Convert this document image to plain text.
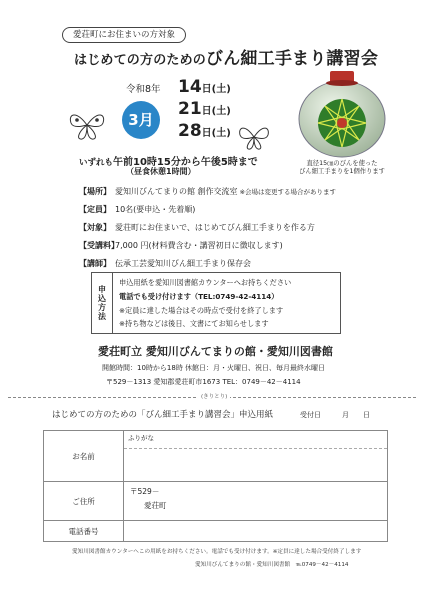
愛荘町にお住まいの方対象
はじめての方のためのびん細工手まり講習会
令和8年
3月
14日(土)
21日(土)
28日(土)
いずれも午前10時15分から午後5時まで
（昼食休憩1時間）
直径15㎝のびんを使った
びん細工手まりを1個作ります
【場所】 愛知川びんてまりの館 創作交流室 ※会場は変更する場合があります
【定員】 10名(要申込・先着順)
【対象】 愛荘町にお住まいで、はじめてびん細工手まりを作る方
【受講料】7,000 円(材料費含む・講習初日に徴収します)
【講師】 伝承工芸愛知川びん細工手まり保存会
申込方法
申込用紙を愛知川図書館カウンターへお持ちください
電話でも受け付けます（TEL:0749-42-4114）
※定員に達した場合はその時点で受付を終了します
※持ち物などは後日、文書にてお知らせします
愛荘町立 愛知川びんてまりの館・愛知川図書館
開館時間：10時から18時 休館日：月・火曜日、祝日、毎月最終水曜日
〒529－1313 愛知郡愛荘町市1673 TEL：0749－42－4114
(きりとり)
はじめての方のための「びん細工手まり講習会」申込用紙	受付日　　　月　　日
お名前	ふりがな

ご住所	〒529－
愛荘町

電話番号	
愛知川図書館カウンターへこの用紙をお持ちください。電話でも受け付けます。※定員に達した場合受付終了します
愛知川びんてまりの館・愛知川図書館　℡0749－42－4114
